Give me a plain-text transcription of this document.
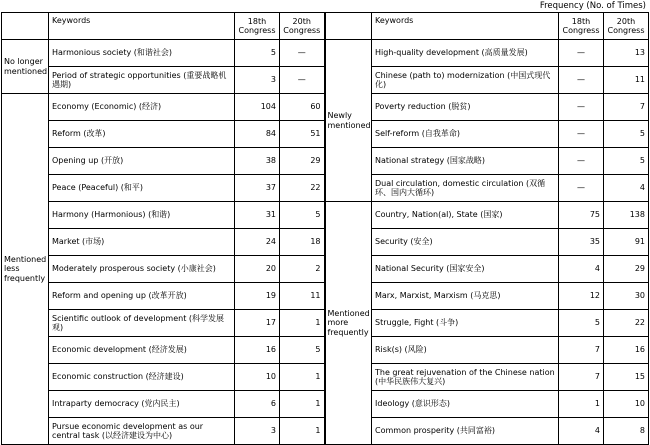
Frequency (No. of Times)
	Keywords	18th Congress	20th Congress		Keywords	18th Congress	20th Congress
No longer mentioned	Harmonious society (和谐社会)	5	—	Newly mentioned	High-quality development (高质量发展)	—	13
	Period of strategic opportunities (重要战略机遇期)	3	—		Chinese (path to) modernization (中国式现代化)	—	11
Mentioned less frequently	Economy (Economic) (经济)	104	60		Poverty reduction (脱贫)	—	7
	Reform (改革)	84	51		Self-reform (自我革命)	—	5
	Opening up (开放)	38	29		National strategy (国家战略)	—	5
	Peace (Peaceful) (和平)	37	22		Dual circulation, domestic circulation (双循环、国内大循环)	—	4
	Harmony (Harmonious) (和谐)	31	5	Mentioned more frequently	Country, Nation(al), State (国家)	75	138
	Market (市场)	24	18		Security (安全)	35	91
	Moderately prosperous society (小康社会)	20	2		National Security (国家安全)	4	29
	Reform and opening up (改革开放)	19	11		Marx, Marxist, Marxism (马克思)	12	30
	Scientific outlook of development (科学发展观)	17	1		Struggle, Fight (斗争)	5	22
	Economic development (经济发展)	16	5		Risk(s) (风险)	7	16
	Economic construction (经济建设)	10	1		The great rejuvenation of the Chinese nation (中华民族伟大复兴)	7	15
	Intraparty democracy (党内民主)	6	1		Ideology (意识形态)	1	10
	Pursue economic development as our central task (以经济建设为中心)	3	1		Common prosperity (共同富裕)	4	8
